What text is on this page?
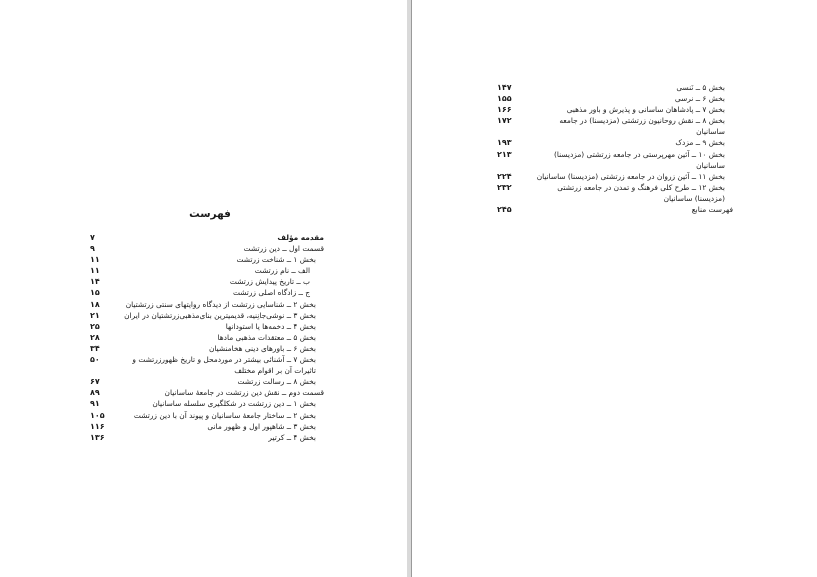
فهرست
مقدمه مؤلف
۷
قسمت اول ــ دین زرتشت
۹
بخش ۱ ــ شناخت زرتشت
۱۱
الف ــ نام زرتشت
۱۱
ب ــ تاریخ پیدایش زرتشت
۱۴
ج ــ زادگاه اصلی زرتشت
۱۵
بخش ۲ ــ شناسایی زرتشت از دیدگاه روایتهای سنتی زرتشتیان
۱۸
بخش ۳ ــ نوشی‌جانِنیه، قدیمیترین بنای‌مذهبی‌زرتشتیان در ایران
۲۱
بخش ۴ ــ دخمه‌ها یا استودانها
۲۵
بخش ۵ ــ معتقدات مذهبی مادها
۲۸
بخش ۶ ــ باورهای دینی هخامنشیان
۳۴
بخش ۷ ــ آشنائی بیشتر در موردمحل و تاریخ ظهورزرتشت و تاثیرات آن بر اقوام مختلف
۵۰
بخش ۸ ــ رسالت زرتشت
۶۷
قسمت دوم ــ نقش دین زرتشت در جامعهٔ ساسانیان
۸۹
بخش ۱ ــ دین زرتشت در شکلگیری سلسله ساسانیان
۹۱
بخش ۲ ــ ساختار جامعهٔ ساسانیان و پیوند آن با دین زرتشت
۱۰۵
بخش ۳ ــ شاهپور اول و ظهور مانی
۱۱۶
بخش ۴ ــ کرتیر
۱۳۶
بخش ۵ ــ نَنسی
۱۴۷
بخش ۶ ــ نرسی
۱۵۵
بخش ۷ ــ پادشاهان ساسانی و پذیرش و باور مذهبی
۱۶۶
بخش ۸ ــ نقش روحانیون زرتشتی (مزدیسنا) در جامعه ساسانیان
۱۷۲
بخش ۹ ــ مزدک
۱۹۳
بخش ۱۰ ــ آئین مهرپرستی در جامعه زرتشتی (مزدیسنا) ساسانیان
۲۱۳
بخش ۱۱ ــ آئین زروان در جامعه زرتشتی (مزدیسنا) ساسانیان
۲۲۴
بخش ۱۲ ــ طرح کلی فرهنگ و تمدن در جامعه زرتشتی (مزدیسنا) ساسانیان
۲۳۲
فهرست منابع
۲۴۵
